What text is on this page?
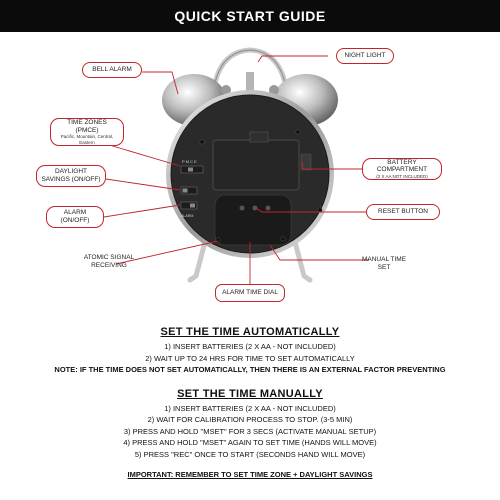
QUICK START GUIDE
P M C E
ALARM
BELL ALARM
NIGHT LIGHT
TIME ZONES (PMCE)
Pacific, Mountain, Central, Eastern
DAYLIGHT SAVINGS (ON/OFF)
BATTERY COMPARTMENT
(2 X AA NOT INCLUDED)
ALARM (ON/OFF)
RESET BUTTON
ATOMIC SIGNAL RECEIVING
MANUAL TIME SET
ALARM TIME DIAL
SET THE TIME AUTOMATICALLY

1) INSERT BATTERIES (2 X AA - NOT INCLUDED)

2) WAIT UP TO 24 HRS FOR TIME TO SET AUTOMATICALLY

NOTE: IF THE TIME DOES NOT SET AUTOMATICALLY, THEN THERE IS AN EXTERNAL FACTOR PREVENTING

SET THE TIME MANUALLY

1) INSERT BATTERIES (2 X AA - NOT INCLUDED)

2) WAIT FOR CALIBRATION PROCESS TO STOP. (3-5 MIN)

3) PRESS AND HOLD "MSET" FOR 3 SECS (ACTIVATE MANUAL SETUP)

4) PRESS AND HOLD "MSET" AGAIN TO SET TIME (HANDS WILL MOVE)

5) PRESS "REC" ONCE TO START (SECONDS HAND WILL MOVE)

IMPORTANT: REMEMBER TO SET TIME ZONE + DAYLIGHT SAVINGS
